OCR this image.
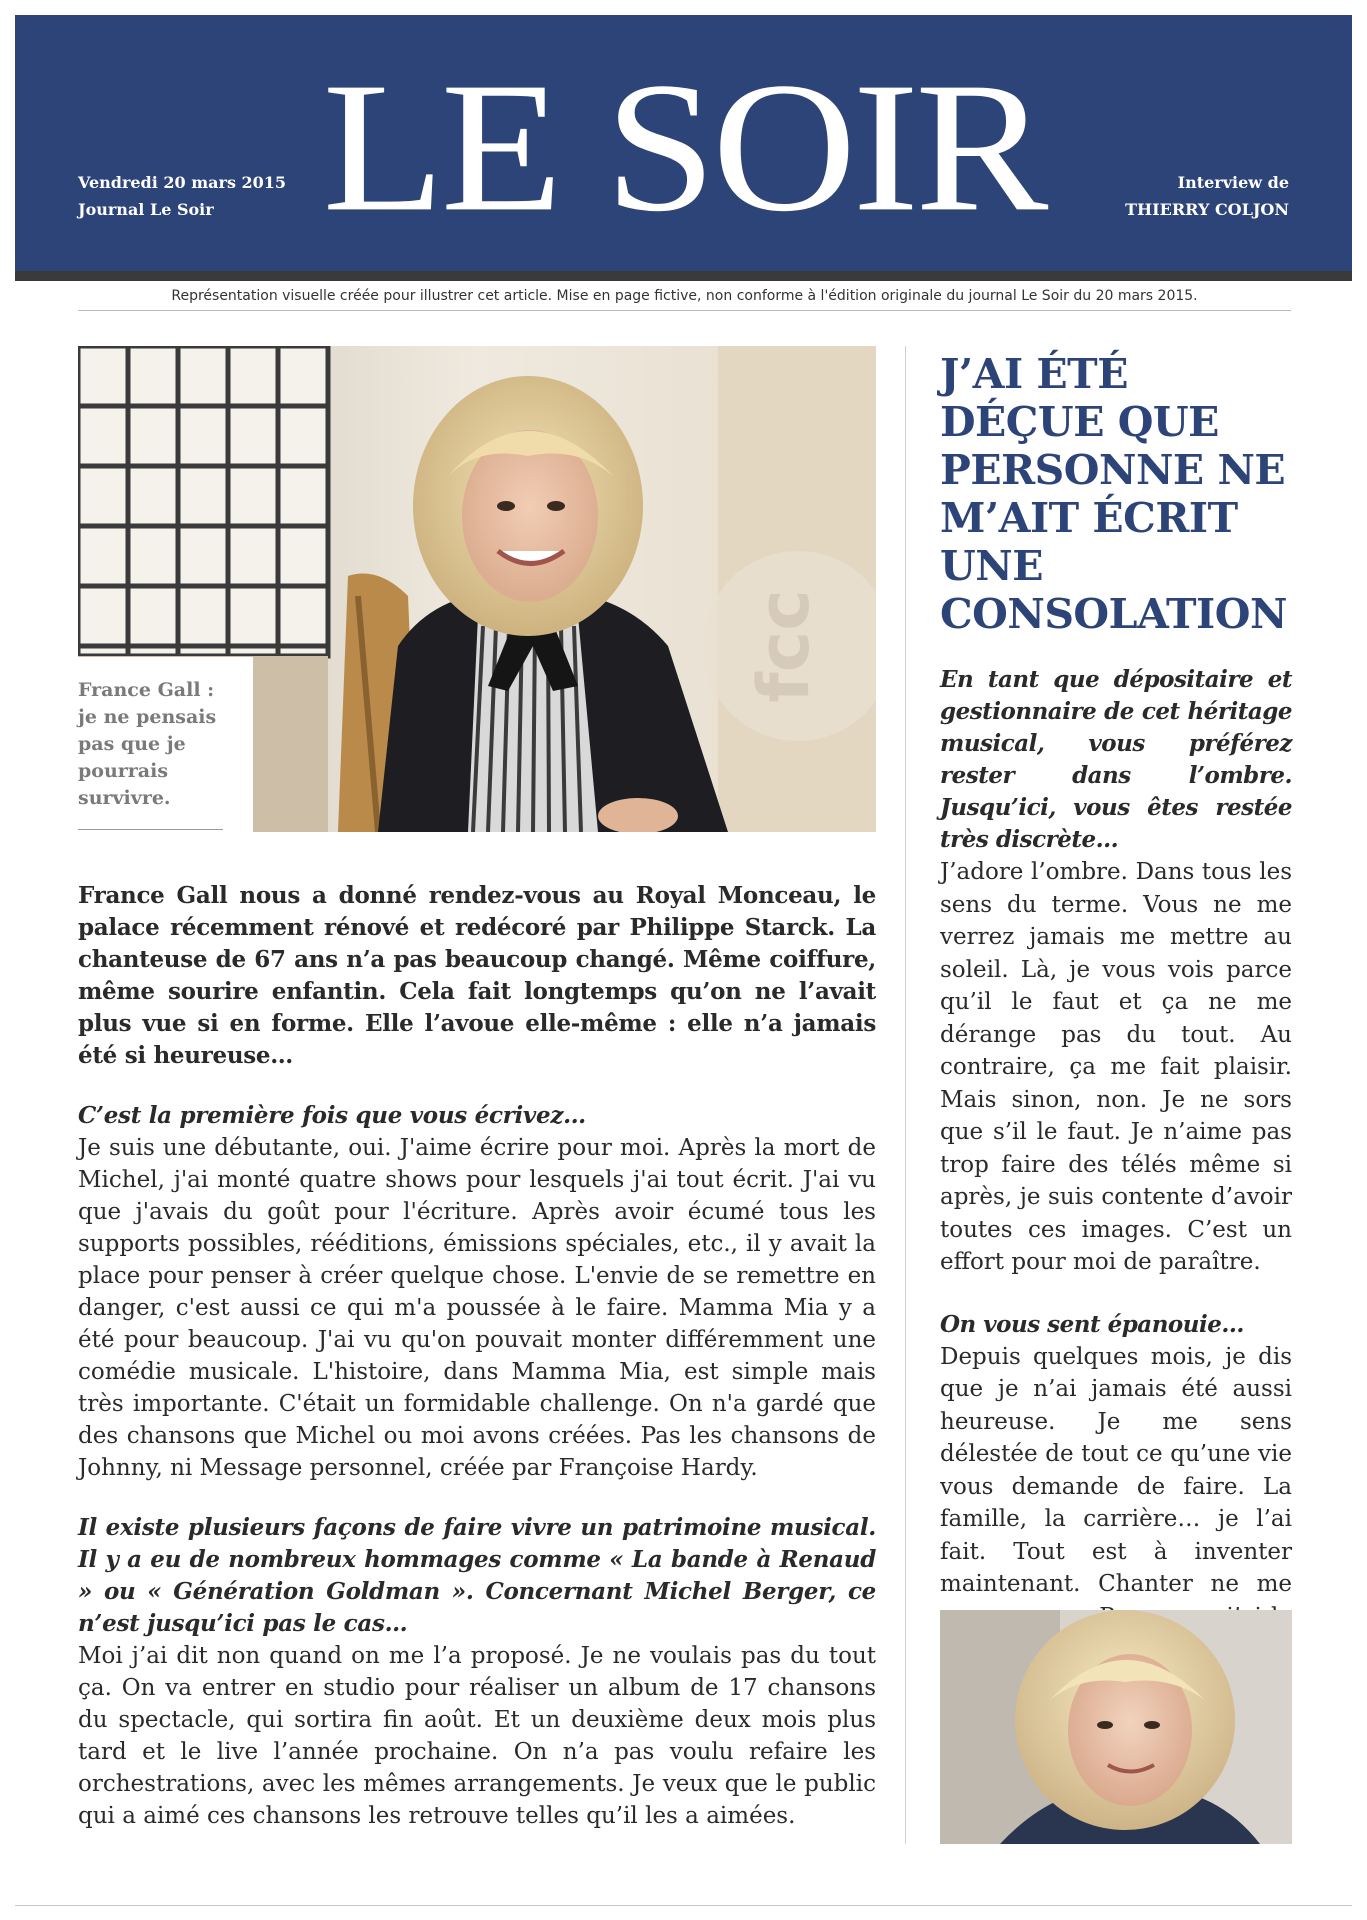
Vendredi 20 mars 2015
Journal Le Soir LE SOIR	Interview de
THIERRY COLJON
Représentation visuelle créée pour illustrer cet article. Mise en page fictive, non conforme à l'édition originale du journal Le Soir du 20 mars 2015.
fcc

France Gall : je ne pensais pas que je pourrais survivre.

France Gall nous a donné rendez-vous au Royal Monceau, le palace récemment rénové et redécoré par Philippe Starck. La chanteuse de 67 ans n’a pas beaucoup changé. Même coiffure, même sourire enfantin. Cela fait longtemps qu’on ne l’avait plus vue si en forme. Elle l’avoue elle-même : elle n’a jamais été si heureuse…

C’est la première fois que vous écrivez…

Je suis une débutante, oui. J'aime écrire pour moi. Après la mort de Michel, j'ai monté quatre shows pour lesquels j'ai tout écrit. J'ai vu que j'avais du goût pour l'écriture. Après avoir écumé tous les supports possibles, rééditions, émissions spéciales, etc., il y avait la place pour penser à créer quelque chose. L'envie de se remettre en danger, c'est aussi ce qui m'a poussée à le faire. Mamma Mia y a été pour beaucoup. J'ai vu qu'on pouvait monter différemment une comédie musicale. L'histoire, dans Mamma Mia, est simple mais très importante. C'était un formidable challenge. On n'a gardé que des chansons que Michel ou moi avons créées. Pas les chansons de Johnny, ni Message personnel, créée par Françoise Hardy.

Il existe plusieurs façons de faire vivre un patrimoine musical. Il y a eu de nombreux hommages comme « La bande à Renaud » ou « Génération Goldman ». Concernant Michel Berger, ce n’est jusqu’ici pas le cas…

Moi j’ai dit non quand on me l’a proposé. Je ne voulais pas du tout ça. On va entrer en studio pour réaliser un album de 17 chansons du spectacle, qui sortira fin août. Et un deuxième deux mois plus tard et le live l’année prochaine. On n’a pas voulu refaire les orchestrations, avec les mêmes arrangements. Je veux que le public qui a aimé ces chansons les retrouve telles qu’il les a aimées.

J’AI ÉTÉ DÉÇUE QUE PERSONNE NE M’AIT ÉCRIT UNE CONSOLATION

En tant que dépositaire et gestionnaire de cet héritage musical, vous préférez rester dans l’ombre. Jusqu’ici, vous êtes restée très discrète…

J’adore l’ombre. Dans tous les sens du terme. Vous ne me verrez jamais me mettre au soleil. Là, je vous vois parce qu’il le faut et ça ne me dérange pas du tout. Au contraire, ça me fait plaisir. Mais sinon, non. Je ne sors que s’il le faut. Je n’aime pas trop faire des télés même si après, je suis contente d’avoir toutes ces images. C’est un effort pour moi de paraître.

On vous sent épanouie…

Depuis quelques mois, je dis que je n’ai jamais été aussi heureuse. Je me sens délestée de tout ce qu’une vie vous demande de faire. La famille, la carrière… je l’ai fait. Tout est à inventer maintenant. Chanter ne me
